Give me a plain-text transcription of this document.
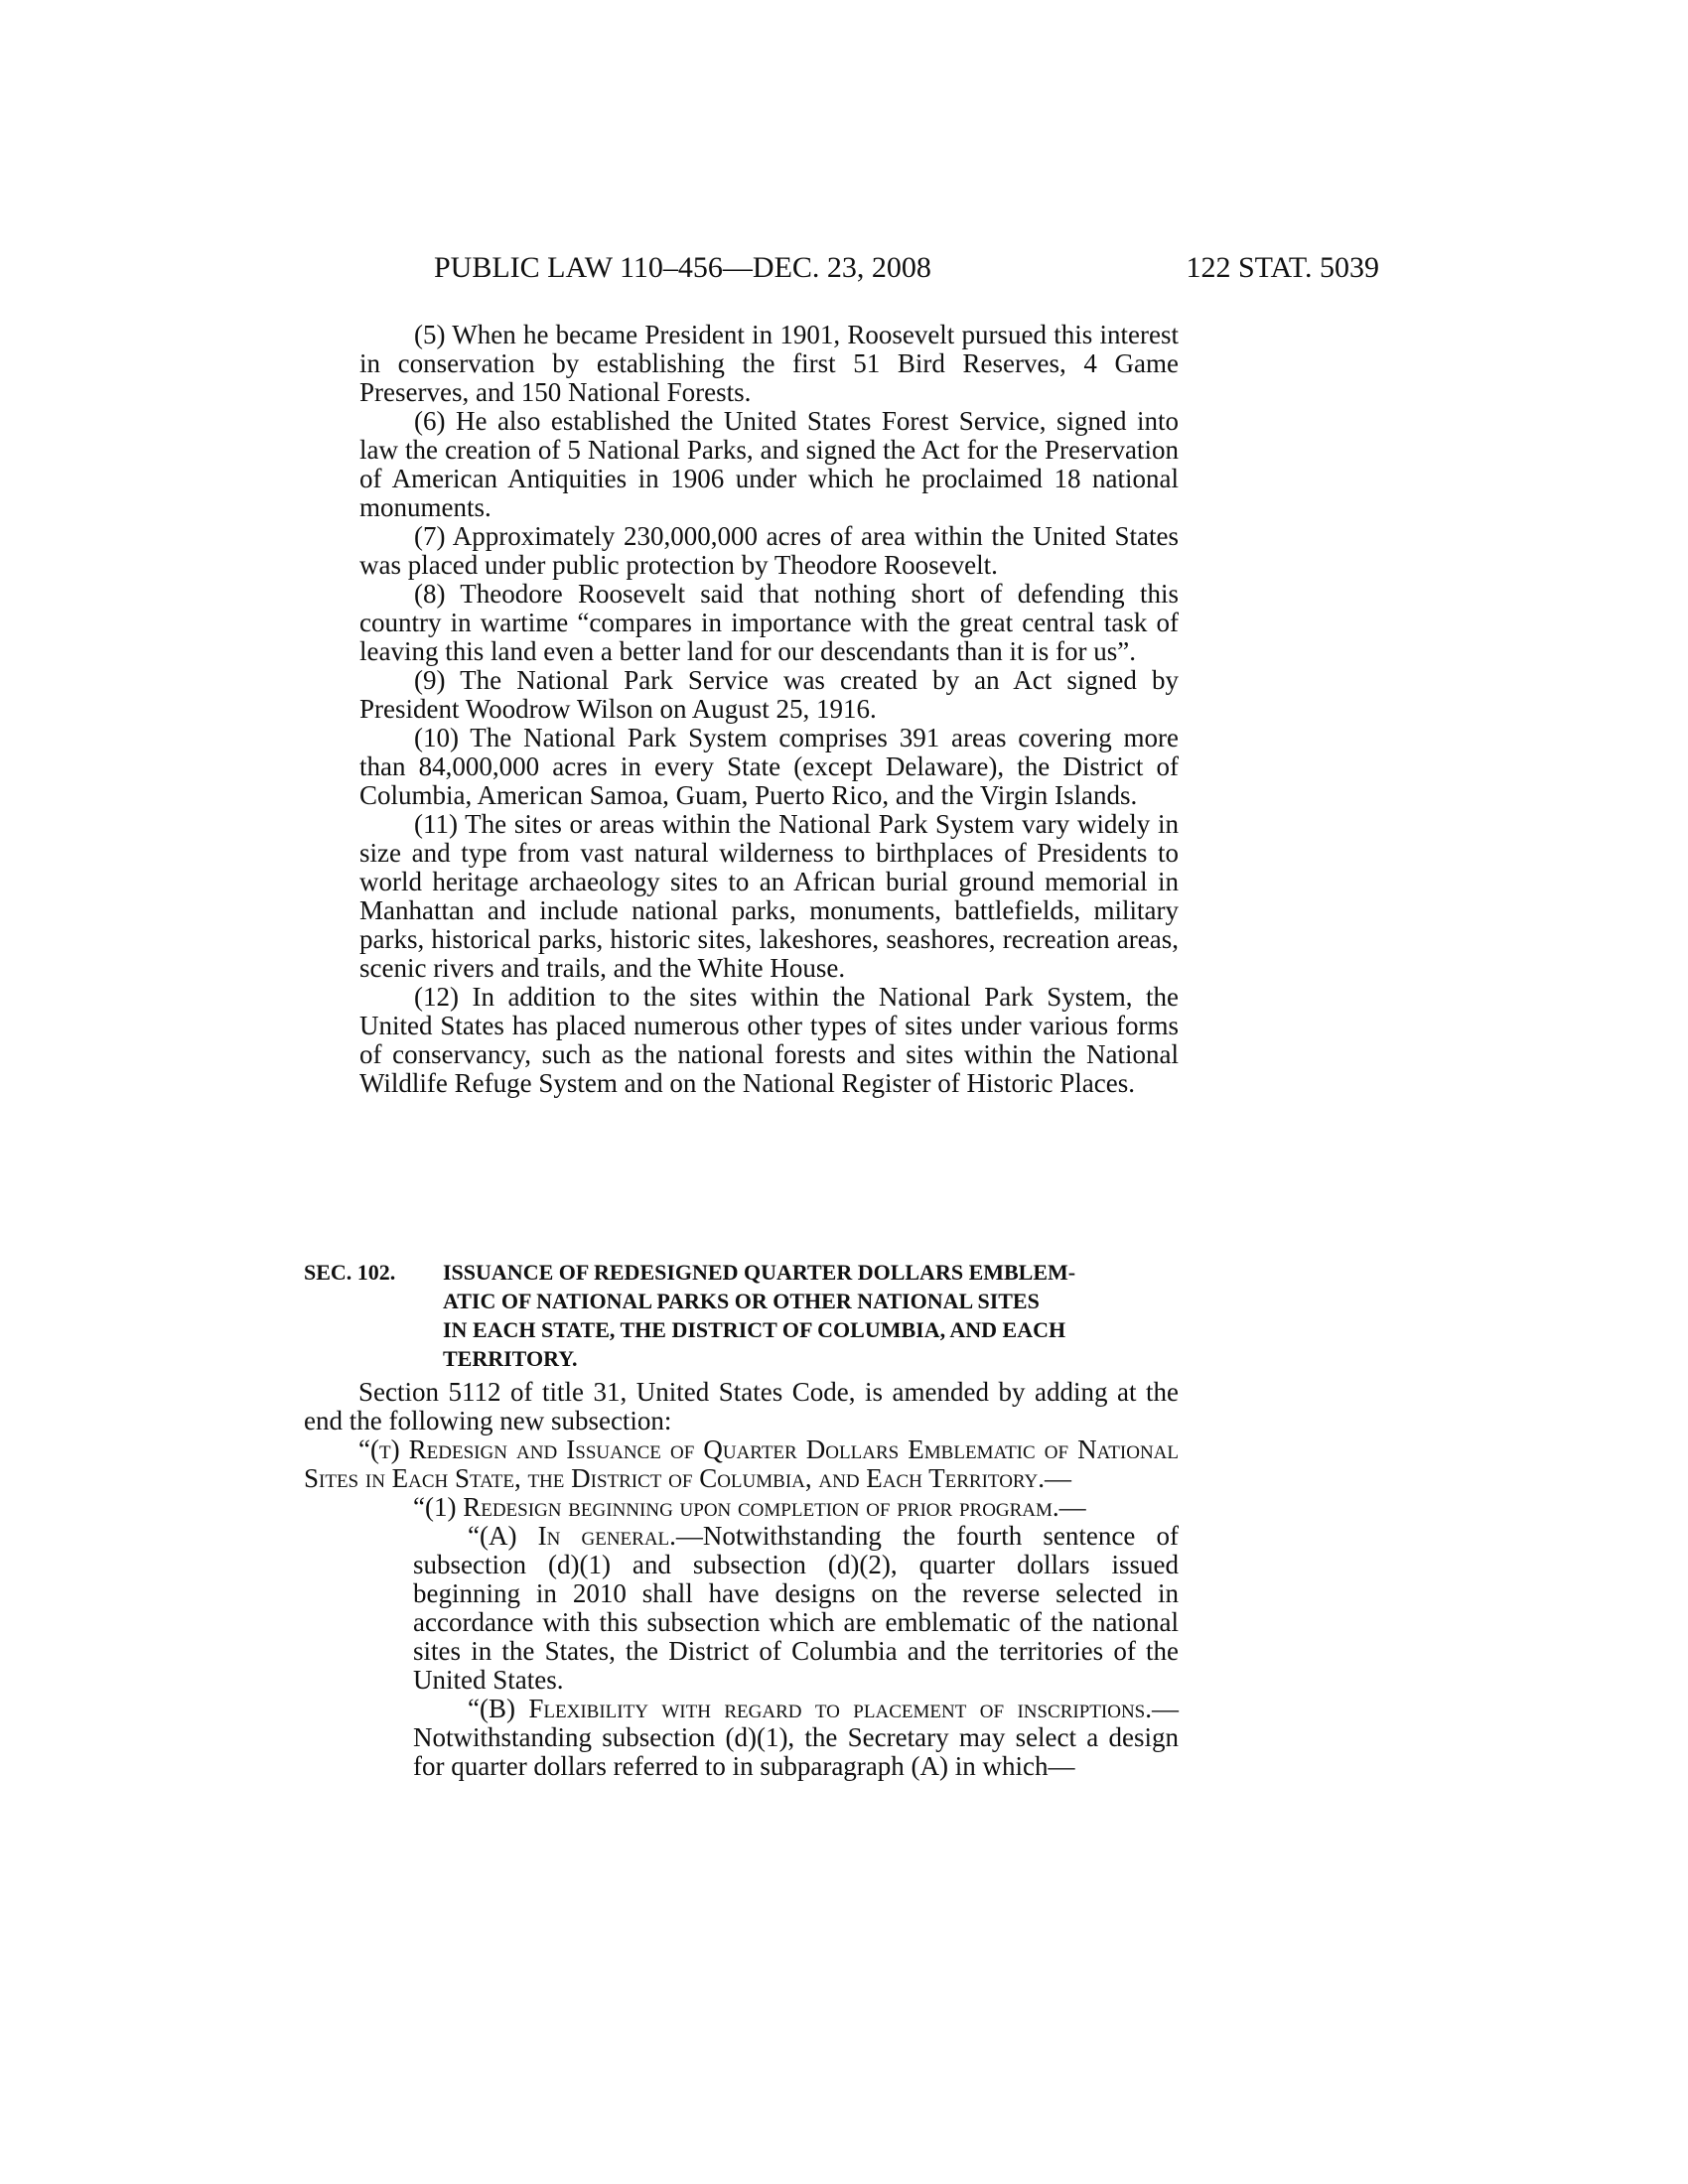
PUBLIC LAW 110–456—DEC. 23, 2008	122 STAT. 5039

(5) When he became President in 1901, Roosevelt pursued this interest in conservation by establishing the first 51 Bird Reserves, 4 Game Preserves, and 150 National Forests.

(6) He also established the United States Forest Service, signed into law the creation of 5 National Parks, and signed the Act for the Preservation of American Antiquities in 1906 under which he proclaimed 18 national monuments.

(7) Approximately 230,000,000 acres of area within the United States was placed under public protection by Theodore Roosevelt.

(8) Theodore Roosevelt said that nothing short of defending this country in wartime “compares in importance with the great central task of leaving this land even a better land for our descendants than it is for us”.

(9) The National Park Service was created by an Act signed by President Woodrow Wilson on August 25, 1916.

(10) The National Park System comprises 391 areas covering more than 84,000,000 acres in every State (except Delaware), the District of Columbia, American Samoa, Guam, Puerto Rico, and the Virgin Islands.

(11) The sites or areas within the National Park System vary widely in size and type from vast natural wilderness to birthplaces of Presidents to world heritage archaeology sites to an African burial ground memorial in Manhattan and include national parks, monuments, battlefields, military parks, historical parks, historic sites, lakeshores, seashores, recreation areas, scenic rivers and trails, and the White House.

(12) In addition to the sites within the National Park System, the United States has placed numerous other types of sites under various forms of conservancy, such as the national forests and sites within the National Wildlife Refuge System and on the National Register of Historic Places.

SEC. 102. ISSUANCE OF REDESIGNED QUARTER DOLLARS EMBLEM-
ATIC OF NATIONAL PARKS OR OTHER NATIONAL SITES
IN EACH STATE, THE DISTRICT OF COLUMBIA, AND EACH
TERRITORY.

Section 5112 of title 31, United States Code, is amended by adding at the end the following new subsection:

“(t) Redesign and Issuance of Quarter Dollars Emblematic of National Sites in Each State, the District of Columbia, and Each Territory.—

“(1) Redesign beginning upon completion of prior program.—

“(A) In general.—Notwithstanding the fourth sentence of subsection (d)(1) and subsection (d)(2), quarter dollars issued beginning in 2010 shall have designs on the reverse selected in accordance with this subsection which are emblematic of the national sites in the States, the District of Columbia and the territories of the United States.

“(B) Flexibility with regard to placement of inscriptions.—Notwithstanding subsection (d)(1), the Secretary may select a design for quarter dollars referred to in subparagraph (A) in which—
